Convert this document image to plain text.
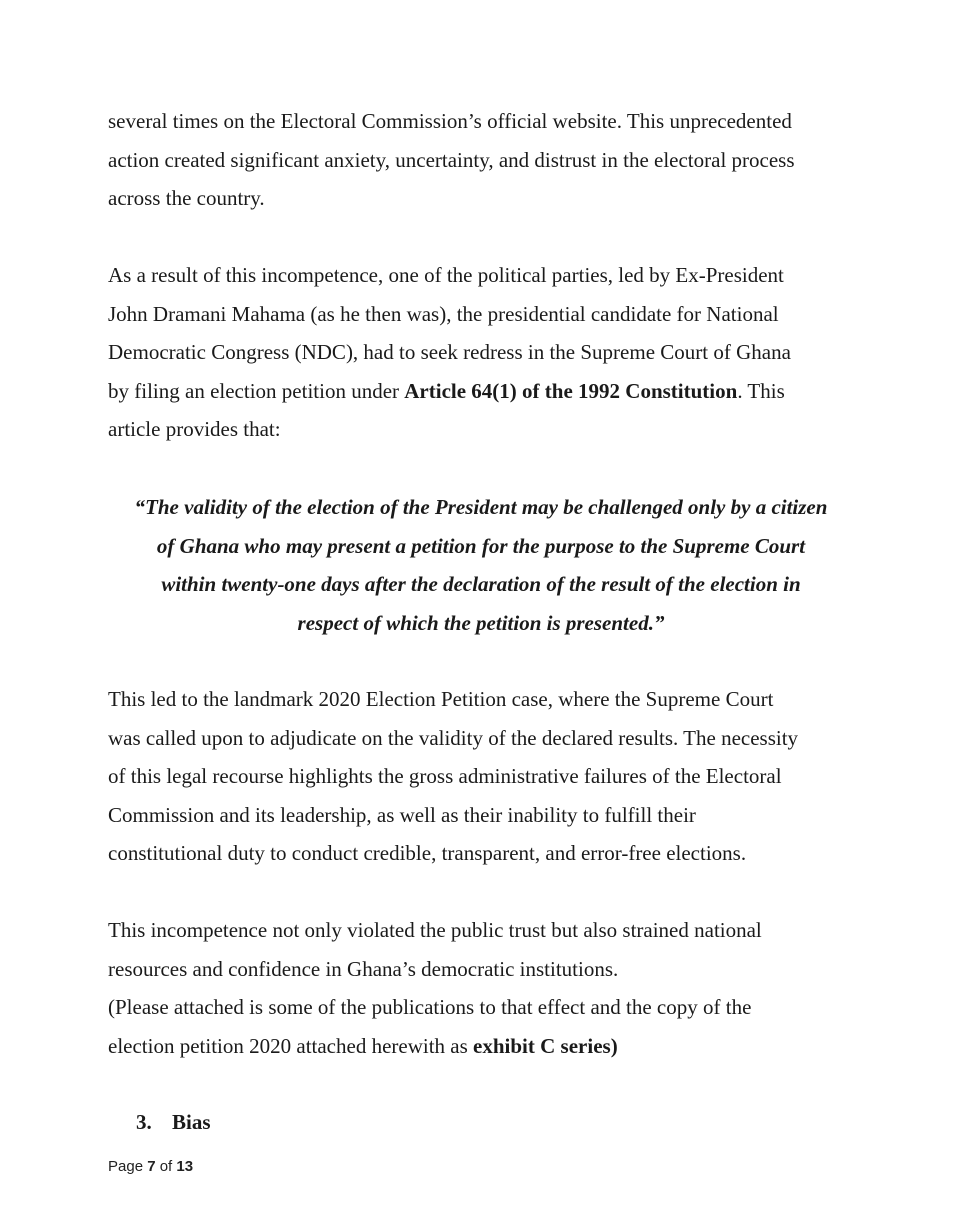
several times on the Electoral Commission’s official website. This unprecedented
action created significant anxiety, uncertainty, and distrust in the electoral process
across the country.

As a result of this incompetence, one of the political parties, led by Ex-President
John Dramani Mahama (as he then was), the presidential candidate for National
Democratic Congress (NDC), had to seek redress in the Supreme Court of Ghana
by filing an election petition under Article 64(1) of the 1992 Constitution. This
article provides that:

“The validity of the election of the President may be challenged only by a citizen
of Ghana who may present a petition for the purpose to the Supreme Court
within twenty-one days after the declaration of the result of the election in
respect of which the petition is presented.”

This led to the landmark 2020 Election Petition case, where the Supreme Court
was called upon to adjudicate on the validity of the declared results. The necessity
of this legal recourse highlights the gross administrative failures of the Electoral
Commission and its leadership, as well as their inability to fulfill their
constitutional duty to conduct credible, transparent, and error-free elections.

This incompetence not only violated the public trust but also strained national
resources and confidence in Ghana’s democratic institutions.

(Please attached is some of the publications to that effect and the copy of the
election petition 2020 attached herewith as exhibit C series)

3. Bias
Page 7 of 13
